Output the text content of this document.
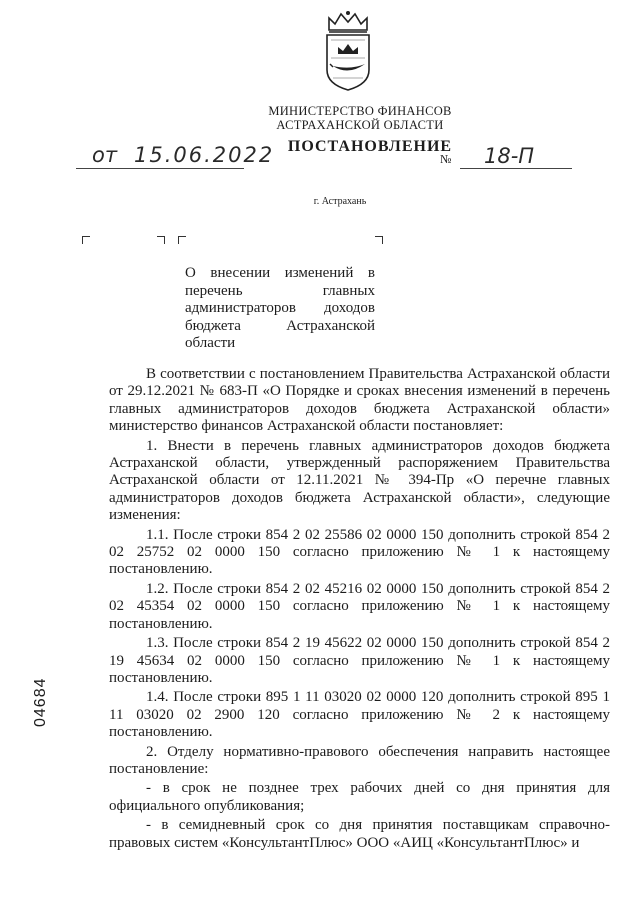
МИНИСТЕРСТВО ФИНАНСОВ
АСТРАХАНСКОЙ ОБЛАСТИ
ПОСТАНОВЛЕНИЕ
от 15.06.2022	№ 18-П
г. Астрахань
О внесении изменений в перечень главных администраторов доходов бюджета Астраханской области

В соответствии с постановлением Правительства Астраханской области от 29.12.2021 № 683-П «О Порядке и сроках внесения изменений в перечень главных администраторов доходов бюджета Астраханской области» министерство финансов Астраханской области постановляет:

1. Внести в перечень главных администраторов доходов бюджета Астраханской области, утвержденный распоряжением Правительства Астраханской области от 12.11.2021 № 394-Пр «О перечне главных администраторов доходов бюджета Астраханской области», следующие изменения:

1.1. После строки 854 2 02 25586 02 0000 150 дополнить строкой 854 2 02 25752 02 0000 150 согласно приложению № 1 к настоящему постановлению.

1.2. После строки 854 2 02 45216 02 0000 150 дополнить строкой 854 2 02 45354 02 0000 150 согласно приложению № 1 к настоящему постановлению.

1.3. После строки 854 2 19 45622 02 0000 150 дополнить строкой 854 2 19 45634 02 0000 150 согласно приложению № 1 к настоящему постановлению.

1.4. После строки 895 1 11 03020 02 0000 120 дополнить строкой 895 1 11 03020 02 2900 120 согласно приложению № 2 к настоящему постановлению.

2. Отделу нормативно-правового обеспечения направить настоящее постановление:

- в срок не позднее трех рабочих дней со дня принятия для официального опубликования;

- в семидневный срок со дня принятия поставщикам справочно-правовых систем «КонсультантПлюс» ООО «АИЦ «КонсультантПлюс» и

04684
